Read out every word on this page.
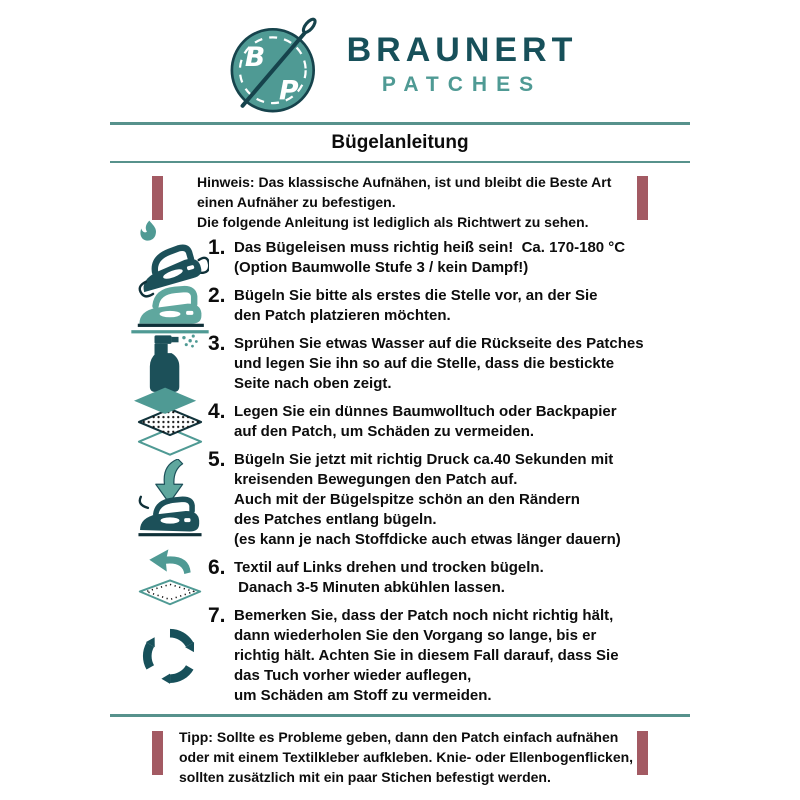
B
P
BRAUNERT
PATCHES
Bügelanleitung
Hinweis: Das klassische Aufnähen, ist und bleibt die Beste Art
einen Aufnäher zu befestigen.
Die folgende Anleitung ist lediglich als Richtwert zu sehen.
1. Das Bügeleisen muss richtig heiß sein!  Ca. 170-180 °C
(Option Baumwolle Stufe 3 / kein Dampf!)
2. Bügeln Sie bitte als erstes die Stelle vor, an der Sie
den Patch platzieren möchten.
3. Sprühen Sie etwas Wasser auf die Rückseite des Patches
und legen Sie ihn so auf die Stelle, dass die bestickte
Seite nach oben zeigt.
4. Legen Sie ein dünnes Baumwolltuch oder Backpapier
auf den Patch, um Schäden zu vermeiden.
5. Bügeln Sie jetzt mit richtig Druck ca.40 Sekunden mit
kreisenden Bewegungen den Patch auf.
Auch mit der Bügelspitze schön an den Rändern
des Patches entlang bügeln.
(es kann je nach Stoffdicke auch etwas länger dauern)
6. Textil auf Links drehen und trocken bügeln.
Danach 3-5 Minuten abkühlen lassen.
7. Bemerken Sie, dass der Patch noch nicht richtig hält,
dann wiederholen Sie den Vorgang so lange, bis er
richtig hält. Achten Sie in diesem Fall darauf, dass Sie
das Tuch vorher wieder auflegen,
um Schäden am Stoff zu vermeiden.
Tipp: Sollte es Probleme geben, dann den Patch einfach aufnähen
oder mit einem Textilkleber aufkleben. Knie- oder Ellenbogenflicken,
sollten zusätzlich mit ein paar Stichen befestigt werden.
